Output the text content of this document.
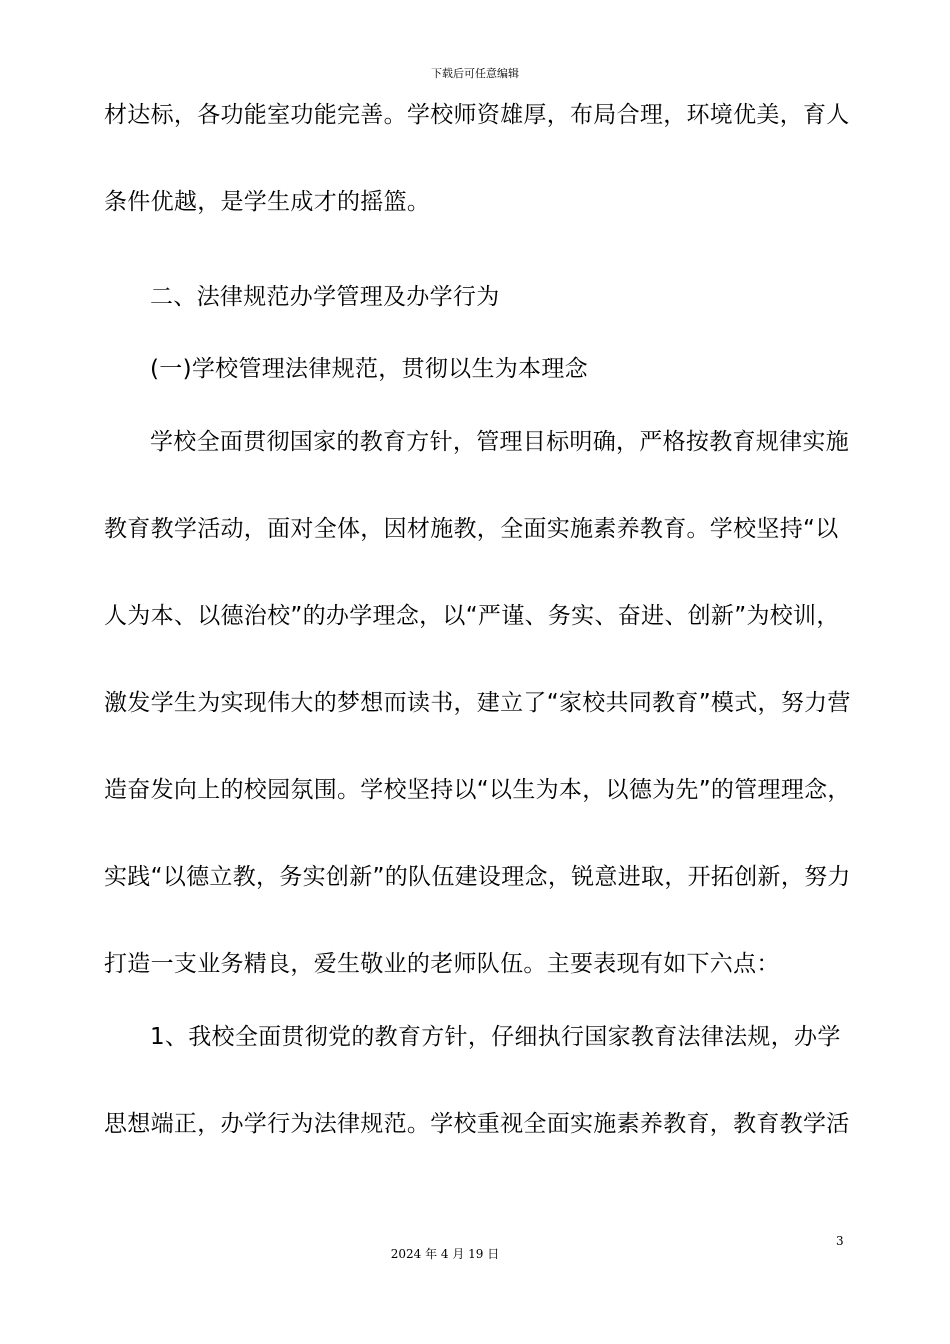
下载后可任意编辑
材达标，各功能室功能完善。学校师资雄厚，布局合理，环境优美，育人
条件优越，是学生成才的摇篮。
二、法律规范办学管理及办学行为
(一)学校管理法律规范，贯彻以生为本理念
学校全面贯彻国家的教育方针，管理目标明确，严格按教育规律实施
教育教学活动，面对全体，因材施教，全面实施素养教育。学校坚持“以
人为本、以德治校”的办学理念，以“严谨、务实、奋进、创新”为校训，
激发学生为实现伟大的梦想而读书，建立了“家校共同教育”模式，努力营
造奋发向上的校园氛围。学校坚持以“以生为本，以德为先”的管理理念，
实践“以德立教，务实创新”的队伍建设理念，锐意进取，开拓创新，努力
打造一支业务精良，爱生敬业的老师队伍。主要表现有如下六点：
1、我校全面贯彻党的教育方针，仔细执行国家教育法律法规，办学
思想端正，办学行为法律规范。学校重视全面实施素养教育，教育教学活
3
2024 年 4 月 19 日
